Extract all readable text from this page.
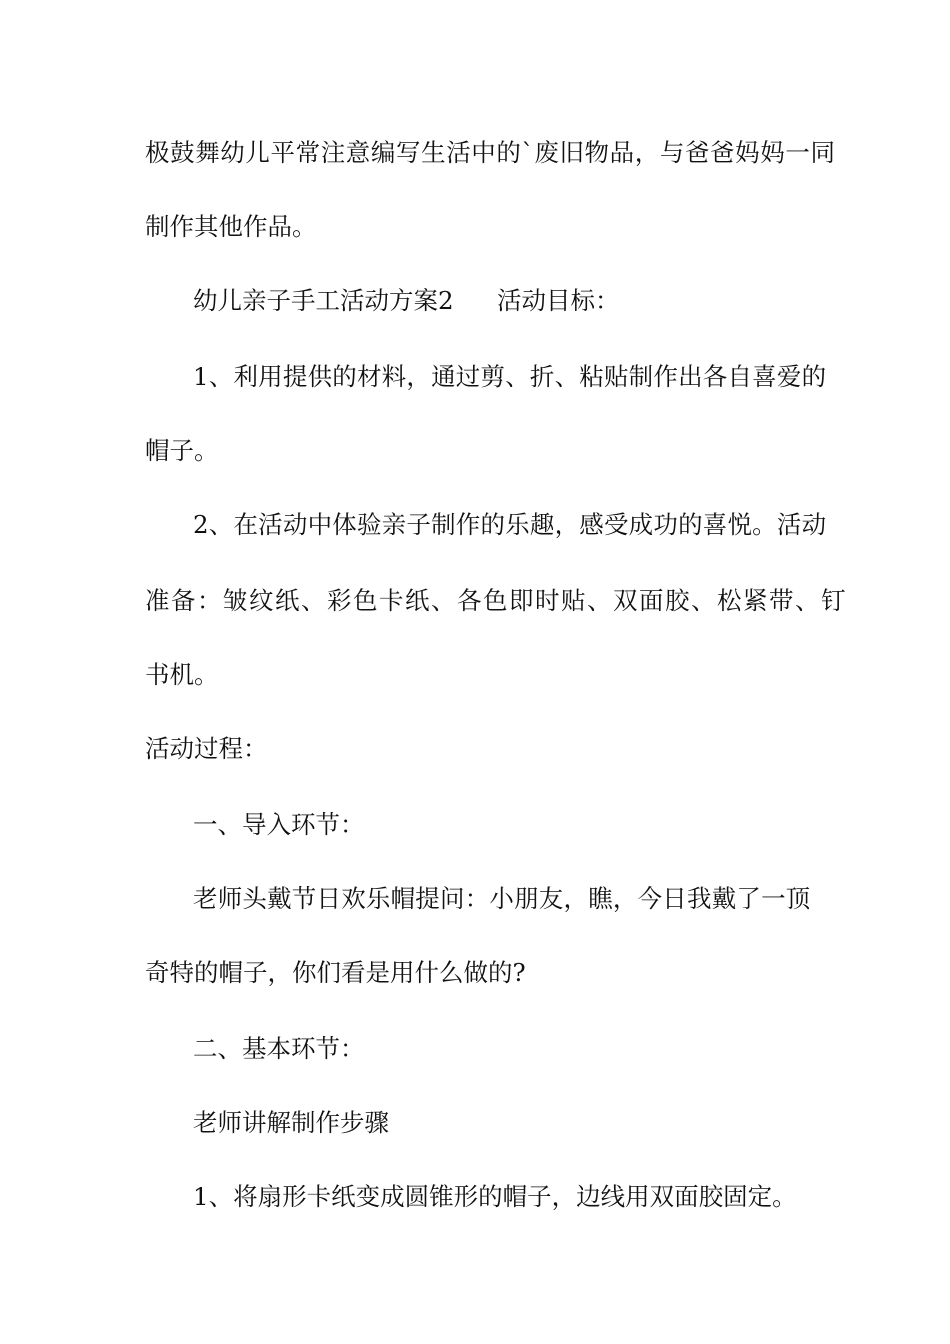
极鼓舞幼儿平常注意编写生活中的`废旧物品，与爸爸妈妈一同

制作其他作品。

幼儿亲子手工活动方案2 活动目标：

1、利用提供的材料，通过剪、折、粘贴制作出各自喜爱的

帽子。

2、在活动中体验亲子制作的乐趣，感受成功的喜悦。活动

准备：皱纹纸、彩色卡纸、各色即时贴、双面胶、松紧带、钉

书机。

活动过程：

一、导入环节：

老师头戴节日欢乐帽提问：小朋友，瞧，今日我戴了一顶

奇特的帽子，你们看是用什么做的?

二、基本环节：

老师讲解制作步骤

1、将扇形卡纸变成圆锥形的帽子，边线用双面胶固定。
